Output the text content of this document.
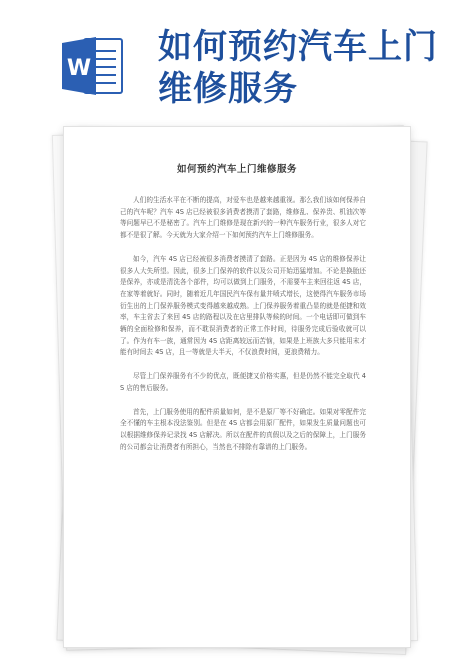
W
如何预约汽车上门维修服务
如何预约汽车上门维修服务

人们的生活水平在不断的提高，对爱车也是越来越重视。那么我们该如何保养自己的汽车呢？汽车 4S 店已经被很多消费者摸清了套路，维修乱、保养贵、机油次等等问题早已不是秘密了。汽车上门维修是现在新兴的一种汽车服务行业，很多人对它都不是很了解。今天就为大家介绍一下如何预约汽车上门维修服务。

如今，汽车 4S 店已经被很多消费者摸清了套路。正是因为 4S 店的维修保养让很多人大失所望。因此，很多上门保养的软件以及公司开始迅猛增加。不论是换胎还是保养，亦或是清洗各个部件，均可以做到上门服务，不需要车主来回往返 4S 店，在家等着就好。同时，随着近几年国民汽车保有量井喷式增长，这使得汽车服务市场衍生出的上门保养服务模式变得越来越成熟。上门保养服务着重凸显的就是便捷和效率，车主省去了来回 4S 店的路程以及在店里排队等候的时间。一个电话即可做到车辆的全面检修和保养，而不耽误消费者的正常工作时间，待服务完成后验收就可以了。作为有车一族，通常因为 4S 店距离较远而苦恼，如果是上班族大多只能用末才能有时间去 4S 店，且一等就是大半天，不仅浪费时间，更浪费精力。

尽管上门保养服务有不少的优点，既便捷又价格实惠，但是仍然不能完全取代 4S 店的售后服务。

首先，上门服务使用的配件质量如何，是不是原厂等不好确定。如果对零配件完全不懂的车主根本没法鉴别。但是在 4S 店都会用原厂配件，如果发生质量问题也可以根据维修保养记录找 4S 店解决。所以在配件的真假以及之后的保障上，上门服务的公司都会让消费者有所担心，当然也不排除有靠谱的上门服务。
